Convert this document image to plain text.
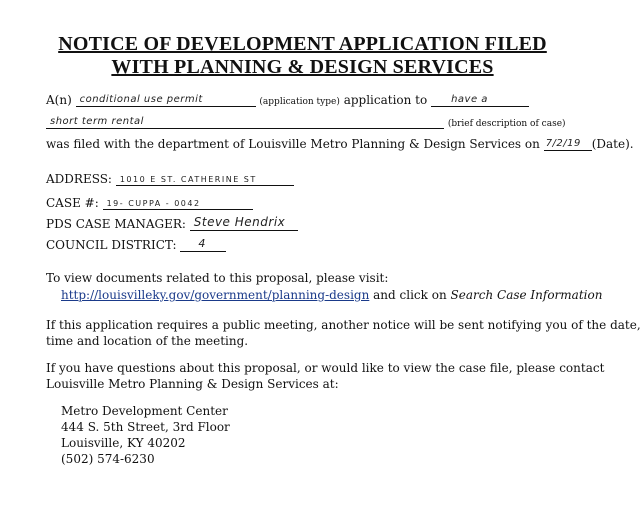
NOTICE OF DEVELOPMENT APPLICATION FILED
WITH PLANNING & DESIGN SERVICES
A(n) conditional use permit	(application type) application to have a
short term rental	(brief description of case)
was filed with the department of Louisville Metro Planning & Design Services on 7/2/19 (Date).
ADDRESS: 1010 E ST. CATHERINE ST
CASE #: 19- CUPPA - 0042
PDS CASE MANAGER: Steve Hendrix
COUNCIL DISTRICT: 4
To view documents related to this proposal, please visit:
http://louisvilleky.gov/government/planning-design and click on Search Case Information
If this application requires a public meeting, another notice will be sent notifying you of the date,
time and location of the meeting.
If you have questions about this proposal, or would like to view the case file, please contact
Louisville Metro Planning & Design Services at:
Metro Development Center
444 S. 5th Street, 3rd Floor
Louisville, KY 40202
(502) 574-6230
